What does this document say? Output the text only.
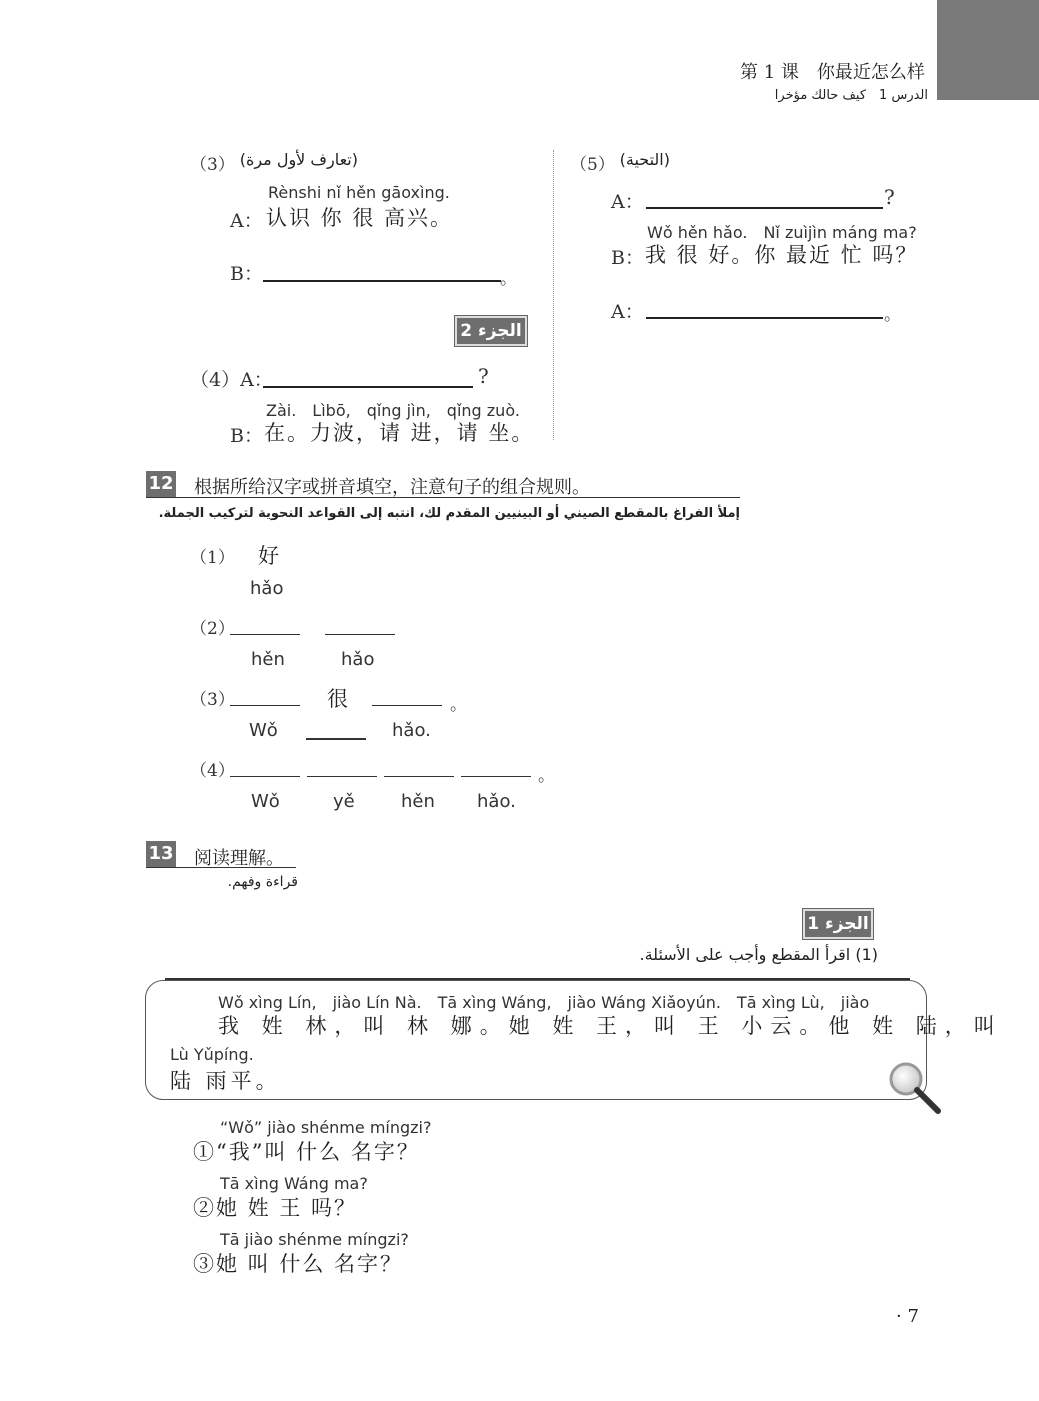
第 1 课　你最近怎么样
الدرس 1　كيف حالك مؤخرا
（3） (تعارف لأول مرة)
Rènshi nǐ hěn gāoxìng.
A： 认识 你 很 高兴。
B：	。
الجزء 2
（4）A：	?
Zài.　Lìbō,　qǐng jìn,　qǐng zuò.
B： 在。力波，请 进，请 坐。
（5） (التحية)
A：	?
Wǒ hěn hǎo.　Nǐ zuìjìn máng ma?
B： 我 很 好。你 最近 忙 吗？
A：	。
12 根据所给汉字或拼音填空，注意句子的组合规则。
إملأ الفراغ بالمقطع الصيني أو البينيين المقدم لك، انتبه إلى القواعد النحوية لتركيب الجملة.
（1） 好
hǎo
（2）
hěn	hǎo
（3）	很	。
Wǒ	hǎo.
（4）	。
Wǒ	yě	hěn hǎo.
13 阅读理解。
قراءة وفهم.
الجزء 1
(1) اقرأ المقطع وأجب على الأسئلة.
Wǒ xìng Lín,　jiào Lín Nà.　Tā xìng Wáng,　jiào Wáng Xiǎoyún.　Tā xìng Lù,　jiào
我 姓 林，叫 林 娜。她 姓 王，叫 王 小云。他 姓 陆，叫
Lù Yǔpíng.
陆 雨平。
“Wǒ” jiào shénme míngzi?
①“我”叫 什么 名字？
Tā xìng Wáng ma?
②她 姓 王 吗？
Tā jiào shénme míngzi?
③她 叫 什么 名字？
· 7
